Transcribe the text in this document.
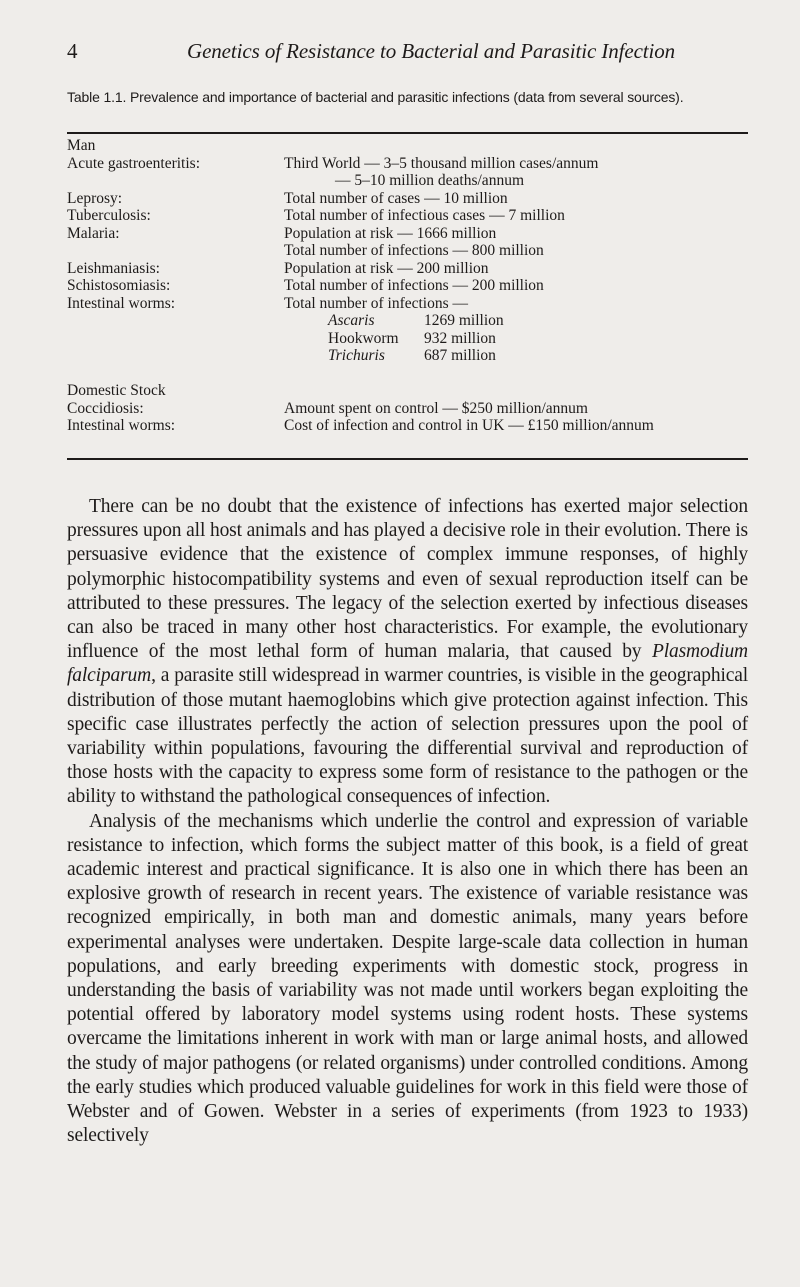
4	Genetics of Resistance to Bacterial and Parasitic Infection
Table 1.1. Prevalence and importance of bacterial and parasitic infections (data from several sources).
Man
Acute gastroenteritis:	Third World — 3–5 thousand million cases/annum
— 5–10 million deaths/annum
Leprosy:	Total number of cases — 10 million
Tuberculosis:	Total number of infectious cases — 7 million
Malaria:	Population at risk — 1666 million
Total number of infections — 800 million
Leishmaniasis:	Population at risk — 200 million
Schistosomiasis:	Total number of infections — 200 million
Intestinal worms:	Total number of infections —
Ascaris	1269 million
Hookworm 932 million
Trichuris	687 million
Domestic Stock
Coccidiosis:	Amount spent on control — $250 million/annum
Intestinal worms:	Cost of infection and control in UK — £150 million/annum

There can be no doubt that the existence of infections has exerted major selection pressures upon all host animals and has played a decisive role in their evolution. There is persuasive evidence that the existence of complex immune responses, of highly polymorphic histocompatibility systems and even of sexual reproduction itself can be attributed to these pressures. The legacy of the selection exerted by infectious diseases can also be traced in many other host characteristics. For example, the evolutionary influence of the most lethal form of human malaria, that caused by Plasmodium falciparum, a parasite still widespread in warmer countries, is visible in the geographical distribution of those mutant haemoglobins which give protection against infection. This specific case illustrates perfectly the action of selection pressures upon the pool of variability within populations, favouring the differential survival and reproduction of those hosts with the capacity to express some form of resistance to the pathogen or the ability to withstand the pathological consequences of infection.

Analysis of the mechanisms which underlie the control and expression of variable resistance to infection, which forms the subject matter of this book, is a field of great academic interest and practical significance. It is also one in which there has been an explosive growth of research in recent years. The existence of variable resistance was recognized empirically, in both man and domestic animals, many years before experimental analyses were undertaken. Despite large-scale data collection in human populations, and early breeding experiments with domestic stock, progress in understanding the basis of variability was not made until workers began exploiting the potential offered by laboratory model systems using rodent hosts. These systems overcame the limitations inherent in work with man or large animal hosts, and allowed the study of major pathogens (or related organisms) under controlled conditions. Among the early studies which produced valuable guidelines for work in this field were those of Webster and of Gowen. Webster in a series of experiments (from 1923 to 1933) selectively
